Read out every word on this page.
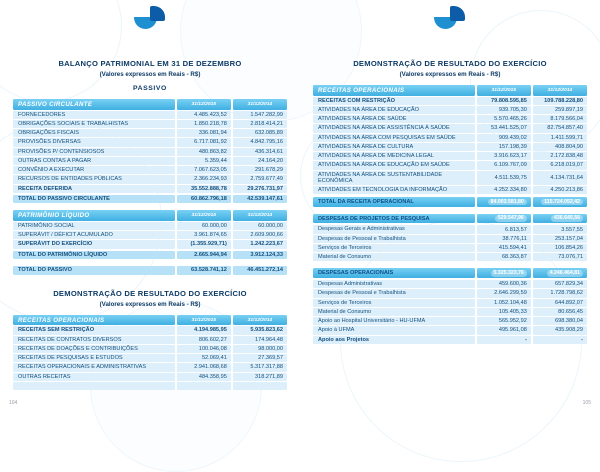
BALANÇO PATRIMONIAL EM 31 DE DEZEMBRO
(Valores expressos em Reais - R$)
PASSIVO
PASSIVO CIRCULANTE	31/12/2015	31/12/2014
FORNECEDORES	4.485.423,52	1.547.282,99
OBRIGAÇÕES SOCIAIS E TRABALHISTAS	1.850.218,78	2.818.414,21
OBRIGAÇÕES FISCAIS	336.081,94	632.085,89
PROVISÕES DIVERSAS	6.717.081,92	4.842.795,16
PROVISÕES P/ CONTENSIOSOS	480.863,82	436.314,61
OUTRAS CONTAS A PAGAR	5.359,44	24.164,20
CONVÊNIO A EXECUTAR	7.067.623,05	291.678,29
RECURSOS DE ENTIDADES PÚBLICAS	2.366.234,93	2.759.677,49
RECEITA DEFERIDA	35.552.888,78	29.276.731,97
TOTAL DO PASSIVO CIRCULANTE	60.862.796,18	42.539.147,61
PATRIMÔNIO LÍQUIDO	31/12/2015	31/12/2014
PATRIMÔNIO SOCIAL	60.000,00	60.000,00
SUPERÁVIT / DÉFICIT ACUMULADO	3.961.874,65	2.609.900,66
SUPERÁVIT DO EXERCÍCIO	(1.355.929,71)	1.242.223,67
TOTAL DO PATRIMÔNIO LÍQUIDO	2.665.944,94	3.912.124,33
TOTAL DO PASSIVO	63.528.741,12	46.451.272,14
DEMONSTRAÇÃO DE RESULTADO DO EXERCÍCIO
(Valores expressos em Reais - R$)
RECEITAS OPERACIONAIS	31/12/2015	31/12/2014
RECEITAS SEM RESTRIÇÃO	4.194.985,95	5.935.823,62
RECEITAS DE CONTRATOS DIVERSOS	806.602,27	174.964,48
RECEITAS DE DOAÇÕES E CONTRIBUIÇÕES	100.046,08	98.000,00
RECEITAS DE PESQUISAS E ESTUDOS	52.069,41	27.369,57
RECEITAS OPERACIONAIS E ADMINISTRATIVAS	2.941.068,68	5.317.317,88
OUTRAS RECEITAS	484.358,95	318.271,89

104
DEMONSTRAÇÃO DE RESULTADO DO EXERCÍCIO
(Valores expressos em Reais - R$)
RECEITAS OPERACIONAIS	31/12/2015	31/12/2014
RECEITAS COM RESTRIÇÃO	79.808.595,85	109.788.228,80
ATIVIDADES NA ÁREA DE EDUCAÇÃO	939.705,30	259.897,19
ATIVIDADES NA ÁREA DE SAÚDE	5.570.465,26	8.179.566,04
ATIVIDADES NA ÁREA DE ASSISTÊNCIA À SAÚDE	53.441.525,07	82.754.857,40
ATIVIDADES NA ÁREA COM PESQUISAS EM SAÚDE	909.439,02	1.411.599,71
ATIVIDADES NA ÁREA DE CULTURA	157.198,39	408.804,90
ATIVIDADES NA ÁREA DE MEDICINA LEGAL	3.916.623,17	2.172.838,48
ATIVIDADES NA ÁREA DE EDUCAÇÃO EM SAÚDE	6.109.767,09	6.218.019,07
ATIVIDADES NA ÁREA DE SUSTENTABILIDADE ECONÔMICA	4.511.539,75	4.134.731,64
ATIVIDADES EM TECNOLOGIA DA INFORMAÇÃO	4.252.334,80	4.250.213,86
TOTAL DA RECEITA OPERACIONAL	84.003.581,80	115.724.052,42
DESPESAS DE PROJETOS DE PESQUISA	529.547,96	436.645,56
Despesas Gerais e Administrativas	6.813,57	3.557,55
Despesas de Pessoal e Trabalhista	38.776,11	253.157,04
Serviços de Terceiros	415.594,41	106.854,26
Material de Consumo	68.363,87	73.076,71
DESPESAS OPERACIONAIS	5.325.323,76	4.246.464,81
Despesas Administrativas	459.600,36	657.829,34
Despesas de Pessoal e Trabalhista	2.646.299,59	1.728.798,62
Serviços de Terceiros	1.052.104,48	644.892,07
Material de Consumo	105.405,33	80.656,45
Apoio ao Hospital Universitário - HU-UFMA	565.952,92	698.380,04
Apoio à UFMA	495.961,08	435.908,29
Apoio aos Projetos	-	-
105
